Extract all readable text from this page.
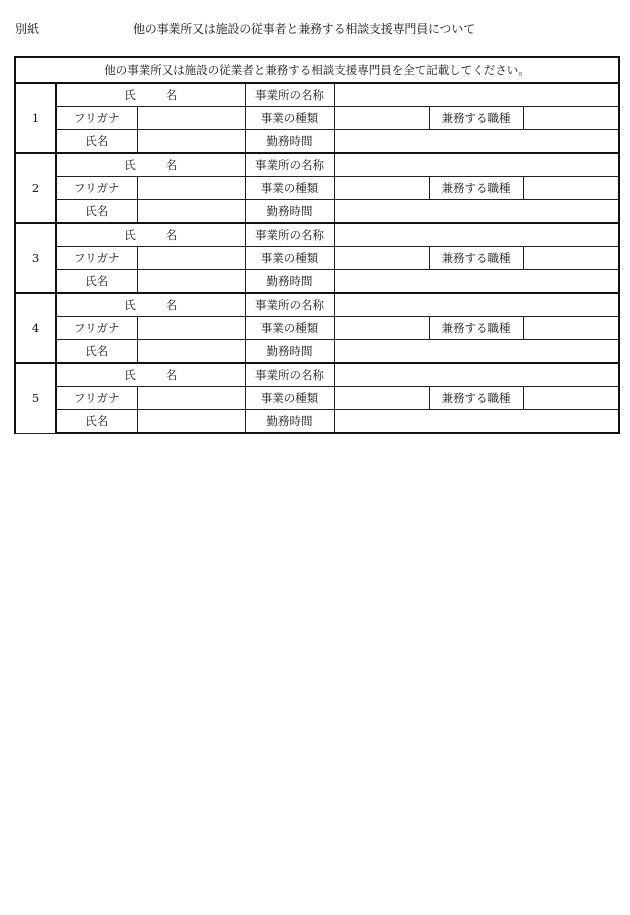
別紙	他の事業所又は施設の従事者と兼務する相談支援専門員について
他の事業所又は施設の従業者と兼務する相談支援専門員を全て記載してください。						
1	氏 名		事業所の名称			
	フリガナ		事業の種類		兼務する職種	
	氏名		勤務時間			
2	氏 名		事業所の名称			
	フリガナ		事業の種類		兼務する職種	
	氏名		勤務時間			
3	氏 名		事業所の名称			
	フリガナ		事業の種類		兼務する職種	
	氏名		勤務時間			
4	氏 名		事業所の名称			
	フリガナ		事業の種類		兼務する職種	
	氏名		勤務時間			
5	氏 名		事業所の名称			
	フリガナ		事業の種類		兼務する職種	
	氏名		勤務時間			
